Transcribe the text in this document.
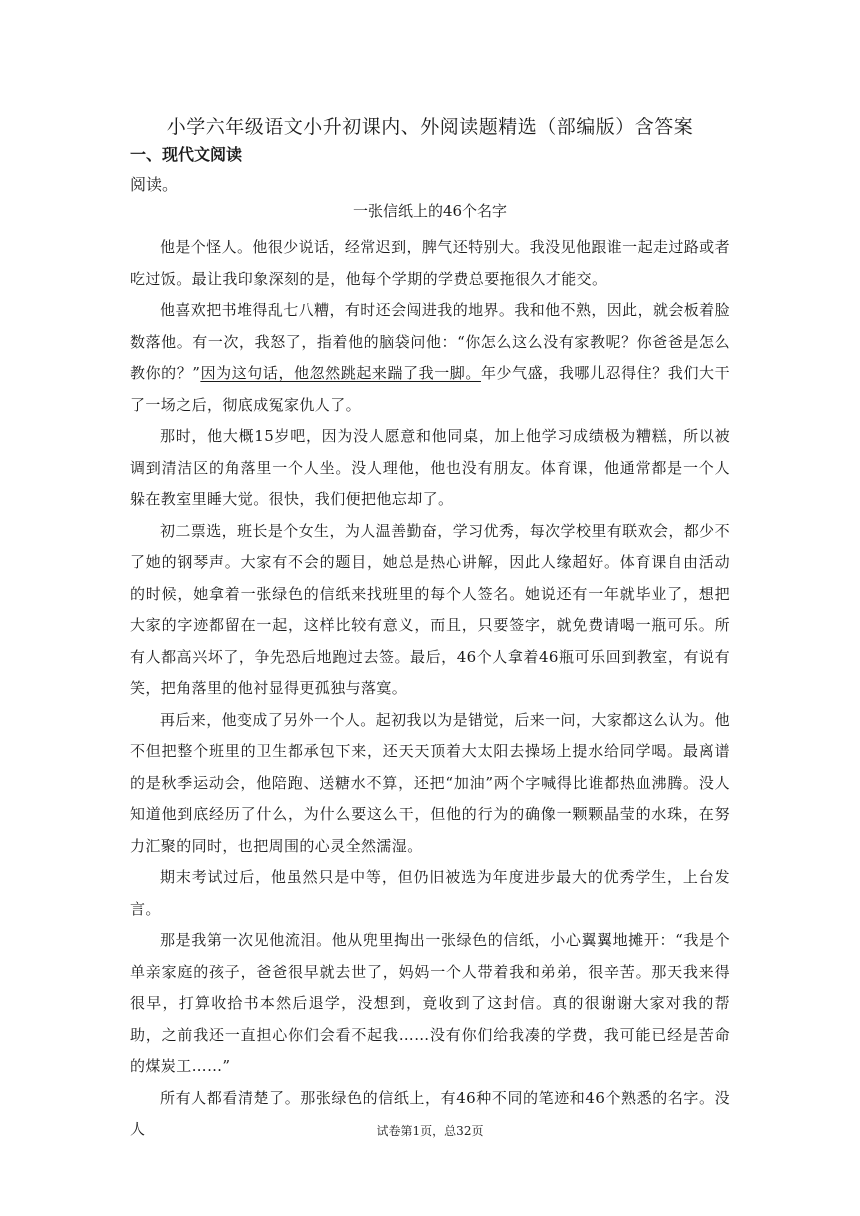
小学六年级语文小升初课内、外阅读题精选（部编版）含答案
一、现代文阅读
阅读。
一张信纸上的46个名字

他是个怪人。他很少说话，经常迟到，脾气还特别大。我没见他跟谁一起走过路或者吃过饭。最让我印象深刻的是，他每个学期的学费总要拖很久才能交。

他喜欢把书堆得乱七八糟，有时还会闯进我的地界。我和他不熟，因此，就会板着脸数落他。有一次，我怒了，指着他的脑袋问他：“你怎么这么没有家教呢？你爸爸是怎么教你的？”因为这句话，他忽然跳起来踹了我一脚。年少气盛，我哪儿忍得住？我们大干了一场之后，彻底成冤家仇人了。

那时，他大概15岁吧，因为没人愿意和他同桌，加上他学习成绩极为糟糕，所以被调到清洁区的角落里一个人坐。没人理他，他也没有朋友。体育课，他通常都是一个人躲在教室里睡大觉。很快，我们便把他忘却了。

初二票选，班长是个女生，为人温善勤奋，学习优秀，每次学校里有联欢会，都少不了她的钢琴声。大家有不会的题目，她总是热心讲解，因此人缘超好。体育课自由活动的时候，她拿着一张绿色的信纸来找班里的每个人签名。她说还有一年就毕业了，想把大家的字迹都留在一起，这样比较有意义，而且，只要签字，就免费请喝一瓶可乐。所有人都高兴坏了，争先恐后地跑过去签。最后，46个人拿着46瓶可乐回到教室，有说有笑，把角落里的他衬显得更孤独与落寞。

再后来，他变成了另外一个人。起初我以为是错觉，后来一问，大家都这么认为。他不但把整个班里的卫生都承包下来，还天天顶着大太阳去操场上提水给同学喝。最离谱的是秋季运动会，他陪跑、送糖水不算，还把“加油”两个字喊得比谁都热血沸腾。没人知道他到底经历了什么，为什么要这么干，但他的行为的确像一颗颗晶莹的水珠，在努力汇聚的同时，也把周围的心灵全然濡湿。

期末考试过后，他虽然只是中等，但仍旧被选为年度进步最大的优秀学生，上台发言。

那是我第一次见他流泪。他从兜里掏出一张绿色的信纸，小心翼翼地摊开：“我是个单亲家庭的孩子，爸爸很早就去世了，妈妈一个人带着我和弟弟，很辛苦。那天我来得很早，打算收拾书本然后退学，没想到，竟收到了这封信。真的很谢谢大家对我的帮助，之前我还一直担心你们会看不起我……没有你们给我凑的学费，我可能已经是苦命的煤炭工……”

所有人都看清楚了。那张绿色的信纸上，有46种不同的笔迹和46个熟悉的名字。没人	试卷第1页，总32页
